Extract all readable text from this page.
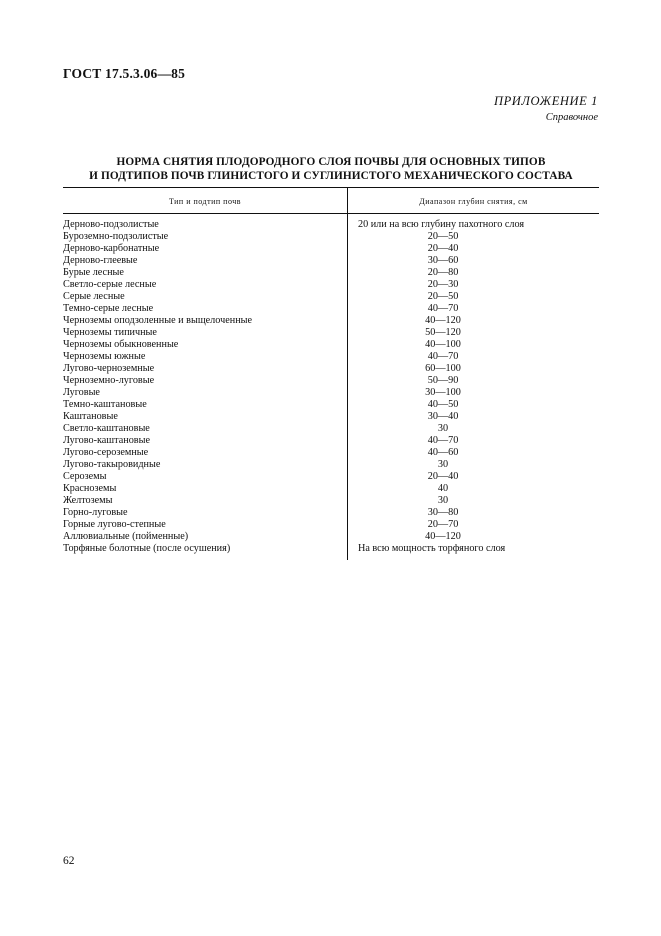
ГОСТ 17.5.3.06—85
ПРИЛОЖЕНИЕ 1
Справочное
НОРМА СНЯТИЯ ПЛОДОРОДНОГО СЛОЯ ПОЧВЫ ДЛЯ ОСНОВНЫХ ТИПОВ
И ПОДТИПОВ ПОЧВ ГЛИНИСТОГО И СУГЛИНИСТОГО МЕХАНИЧЕСКОГО СОСТАВА
Тип и подтип почв	Диапазон глубин снятия, см
Дерново-подзолистые	20 или на всю глубину пахотного слоя
Буроземно-подзолистые	20—50
Дерново-карбонатные	20—40
Дерново-глеевые	30—60
Бурые лесные	20—80
Светло-серые лесные	20—30
Серые лесные	20—50
Темно-серые лесные	40—70
Черноземы оподзоленные и выщелоченные	40—120
Черноземы типичные	50—120
Черноземы обыкновенные	40—100
Черноземы южные	40—70
Лугово-черноземные	60—100
Черноземно-луговые	50—90
Луговые	30—100
Темно-каштановые	40—50
Каштановые	30—40
Светло-каштановые	30
Лугово-каштановые	40—70
Лугово-сероземные	40—60
Лугово-такыровидные	30
Сероземы	20—40
Красноземы	40
Желтоземы	30
Горно-луговые	30—80
Горные лугово-степные	20—70
Аллювиальные (пойменные)	40—120
Торфяные болотные (после осушения)	На всю мощность торфяного слоя
62
